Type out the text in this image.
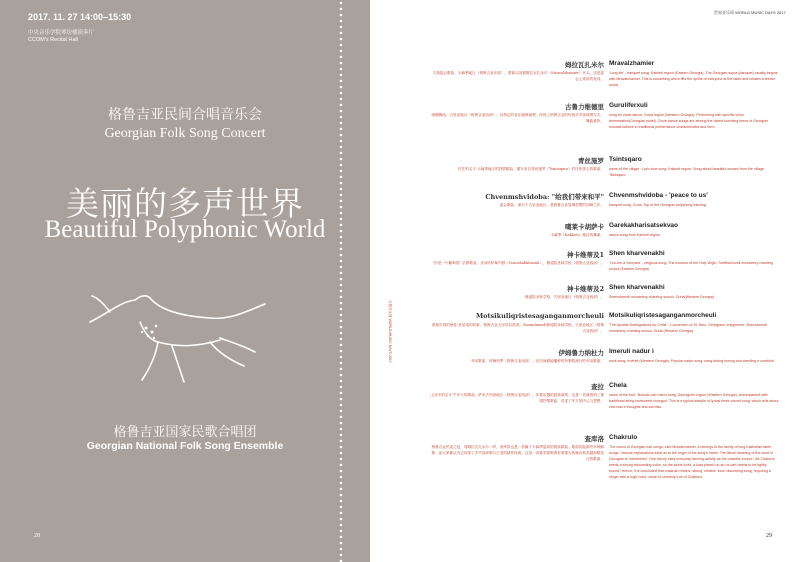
2017. 11. 27 14:00–15:30
中央音乐学院琴房楼演奏厅
CCOM's Recital Hall
格鲁吉亚民间合唱音乐会
Georgian Folk Song Concert
美丽的多声世界
Beautiful Polyphonic World
格鲁吉亚国家民歌合唱团
Georgian National Folk Song Ensemble
28
世界音乐周 WORLD MUSIC DAYS 2017
世界音乐周 WORLD MUSIC DAYS 2017
姆拉瓦扎米尔
古典宴会歌曲，卡赫季地区（格鲁吉亚东部）。歌曲以祝愿姆拉瓦扎米尔（Mravalzhamier）开头，这是宴会上常用的祝词。
Mravalzhamier
'Long life' - banquet song, Kakheti region (Eastern Georgia). The Georgian supra (banquet) usually begins with Mravalzhamier. This is something which lifts the spirits of everyone at the table and creates a festive mood.
古鲁力维德里
圆圈舞曲，古里亚地区（格鲁吉亚西部）。以特定的音乐旋律演唱，体现了格鲁吉亚的传统多声部演唱方式，舞曲欢快。
Guruliferxuli
song for circle dance, Guria region (Western Georgia). Performing with specific voice fermentation(Georgian yodel). Circle dance songs are among the oldest surviving forms of Georgian musical folklore in traditional performance characteristics and form.
青丝施罗
村庄的名字·卡赫季地区的抒情歌曲，描写来自青丝施罗（Tsintsqaro）村庄的美人的歌曲。
Tsintsqaro
name of the village - Lyric love song, Kakheti region. Song about beautiful woman from the village Tsintsqaro.
Chvenmshvidoba: "给我们带来和平"
宴会歌曲，流行于古里亚地区，是格鲁吉亚复调思想的顶峰之作。
Chvenmshvidoba - 'peace to us'
banquet song, Guria. Top of the Georgian polyphony thinking.
噶莱卡胡萨卡
卡赫季（Kakheti）地区的舞曲。
Garekakharisatsekvao
dance song from Kakheti region.
神卡维蒂及1
"你是一片葡萄园" 宗教歌曲，圣母的伊甸内园（Nonisbabkhusali），修道院圣咏学校（格鲁吉亚西部）。
Shen kharvenakhi
'You Are a Vineyard' - religious song. The Incubus of the Holy Virgin, Svetitskhoveli monastery chanting school (Eastern Georgia)
神卡维蒂及2
修道院圣咏学校，古里亚地区（格鲁吉亚西部）。
Shen kharvenakhi
Shemokmedi monastery chanting school, Guria(Western Georgia)
Motsikuliqristesaganganmorcheuli
基督告别的使徒·圣尼诺的故事，格鲁吉亚人民的启蒙者。Shemokmedi修道院圣咏学校，古里亚地区（格鲁吉亚西部）。
Motsikuliqristesaganganmorcheuli
'The Apostle Distinguished by Christ' - Conversion of St. Nino, Georgians' enlightener. Shemokmedi monastery chanting school, Guria (Western Georgia)
伊姆鲁力纳杜力
劳动歌曲，伊梅列季（格鲁吉亚西部）。在田间耕地播种时所唱的流行的劳动歌曲。
Imeruli nadur i
work song, Imereti (Western Georgia). Popular nadur song, sang during hoeing and weeding a cornfield.
查拉
山谷中的名字·牛车夫的歌曲，萨米古列洛地区（格鲁吉亚西部），伴着乐器的悠扬演奏，这是一首典型的三重唱抒情歌曲，讲述了车夫的内心与思想。
Chela
name of the bull - Bullock-cart man's song, Samegrelo region (Western Georgia). Accompanied with traditional string instrument chonguri. This is a typical sample of lyrical three-voiced song, which tells about cart-man's thoughts and sorrows.
查库洛
格鲁吉亚民谣之冠，同姆拉瓦扎米尔一样，查库洛也是一首属于卡赫季宴席的餐桌歌曲。歌曲的起源有多种解释，但大家都认为它体现了多声部演唱与古老的耕作传统。这是一首要求歌唱者有着强大的嗓音和高超演唱技巧的歌曲。
Chakrulo
The crown of Georgian folk songs. Like Mravalzhamier, it belongs to the family of long Kakhetian table songs. Various explanations exist as to the origin of the song's name. The literal meaning of the word in Georgian is 'intertwined'. One theory cites everyday farming activity as the possible source: 'As Chakrulo needs a strong resounding voice, so the stone tools, a load placed on an ox-cart needs to be tightly bound.' Hence, it is concluded that chakrulo means: strong, reliable, loud, discerning song, requiring a singer with a high voice, which is certainly true of Chakrulo.
29
